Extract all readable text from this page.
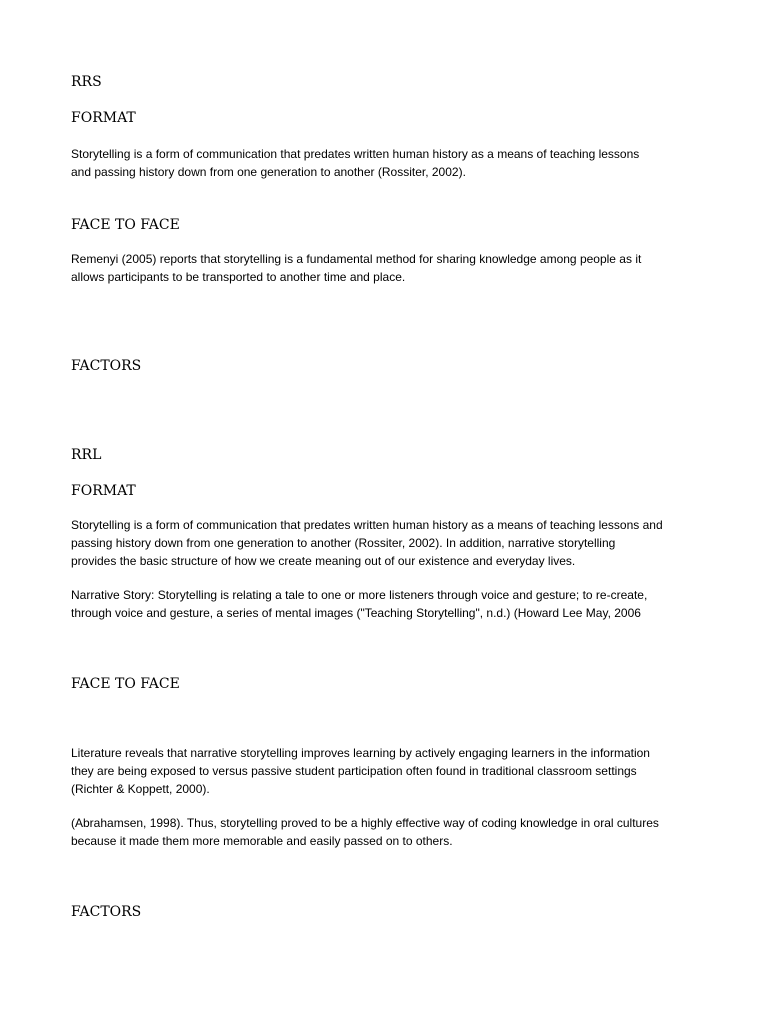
RRS
FORMAT

Storytelling is a form of communication that predates written human history as a means of teaching lessons
and passing history down from one generation to another (Rossiter, 2002).

FACE TO FACE

Remenyi (2005) reports that storytelling is a fundamental method for sharing knowledge among people as it
allows participants to be transported to another time and place.

FACTORS
RRL
FORMAT

Storytelling is a form of communication that predates written human history as a means of teaching lessons and
passing history down from one generation to another (Rossiter, 2002). In addition, narrative storytelling
provides the basic structure of how we create meaning out of our existence and everyday lives.

Narrative Story: Storytelling is relating a tale to one or more listeners through voice and gesture; to re-create,
through voice and gesture, a series of mental images ("Teaching Storytelling", n.d.) (Howard Lee May, 2006

FACE TO FACE

Literature reveals that narrative storytelling improves learning by actively engaging learners in the information
they are being exposed to versus passive student participation often found in traditional classroom settings
(Richter & Koppett, 2000).

(Abrahamsen, 1998). Thus, storytelling proved to be a highly effective way of coding knowledge in oral cultures
because it made them more memorable and easily passed on to others.

FACTORS
